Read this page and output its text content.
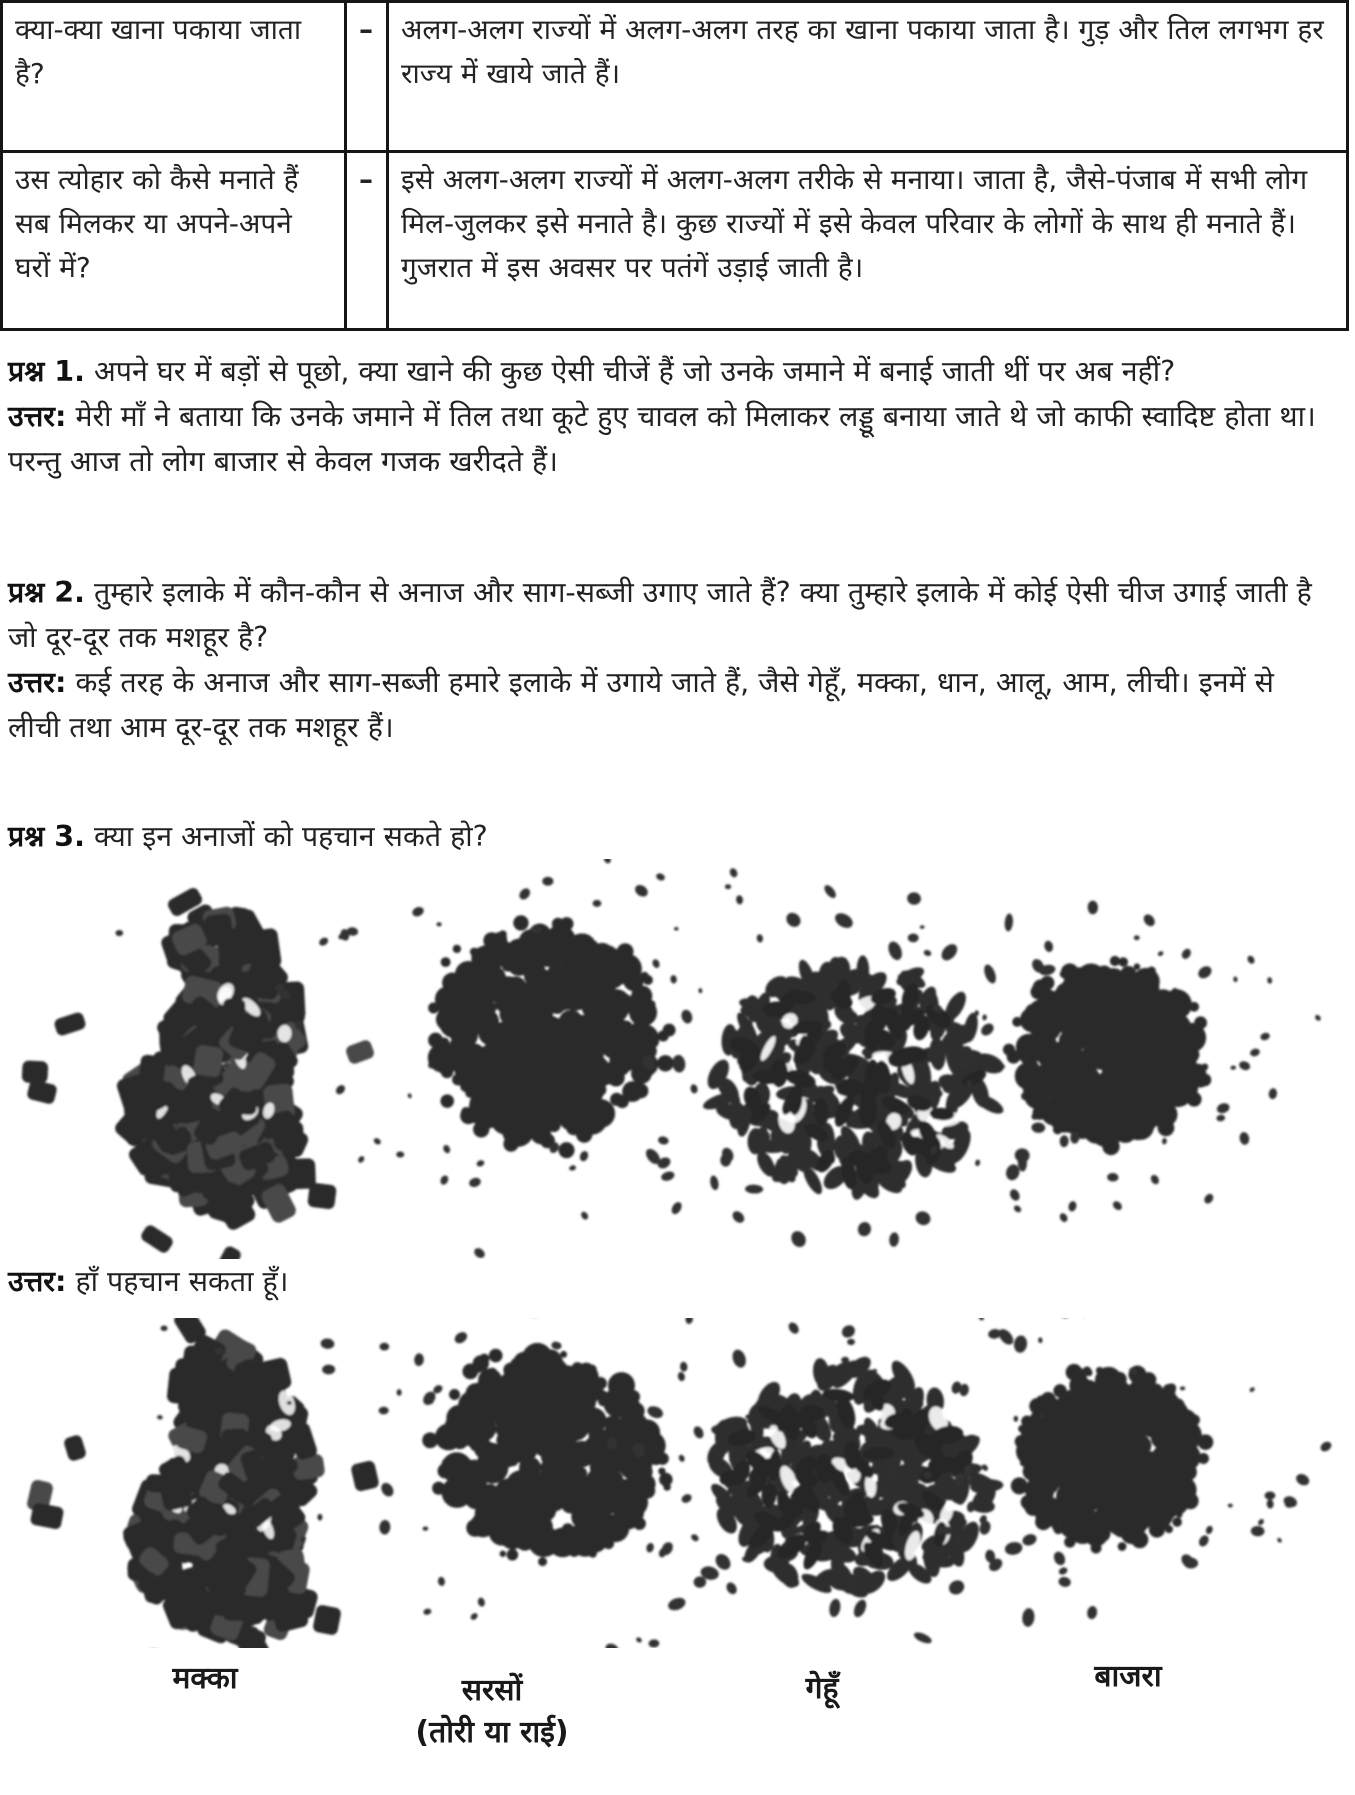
क्या-क्या खाना पकाया जाता है?	–	अलग-अलग राज्यों में अलग-अलग तरह का खाना पकाया जाता है। गुड़ और तिल लगभग हर राज्य में खाये जाते हैं।
उस त्योहार को कैसे मनाते हैं सब मिलकर या अपने-अपने घरों में?	–	इसे अलग-अलग राज्यों में अलग-अलग तरीके से मनाया। जाता है, जैसे-पंजाब में सभी लोग मिल-जुलकर इसे मनाते है। कुछ राज्यों में इसे केवल परिवार के लोगों के साथ ही मनाते हैं। गुजरात में इस अवसर पर पतंगें उड़ाई जाती है।

प्रश्न 1. अपने घर में बड़ों से पूछो, क्या खाने की कुछ ऐसी चीजें हैं जो उनके जमाने में बनाई जाती थीं पर अब नहीं?

उत्तर: मेरी माँ ने बताया कि उनके जमाने में तिल तथा कूटे हुए चावल को मिलाकर लड्डू बनाया जाते थे जो काफी स्वादिष्ट होता था। परन्तु आज तो लोग बाजार से केवल गजक खरीदते हैं।

प्रश्न 2. तुम्हारे इलाके में कौन-कौन से अनाज और साग-सब्जी उगाए जाते हैं? क्या तुम्हारे इलाके में कोई ऐसी चीज उगाई जाती है जो दूर-दूर तक मशहूर है?

उत्तर: कई तरह के अनाज और साग-सब्जी हमारे इलाके में उगाये जाते हैं, जैसे गेहूँ, मक्का, धान, आलू, आम, लीची। इनमें से लीची तथा आम दूर-दूर तक मशहूर हैं।

प्रश्न 3. क्या इन अनाजों को पहचान सकते हो?

उत्तर: हाँ पहचान सकता हूँ।

मक्का	सरसों
(तोरी या राई)
गेहूँ	बाजरा
